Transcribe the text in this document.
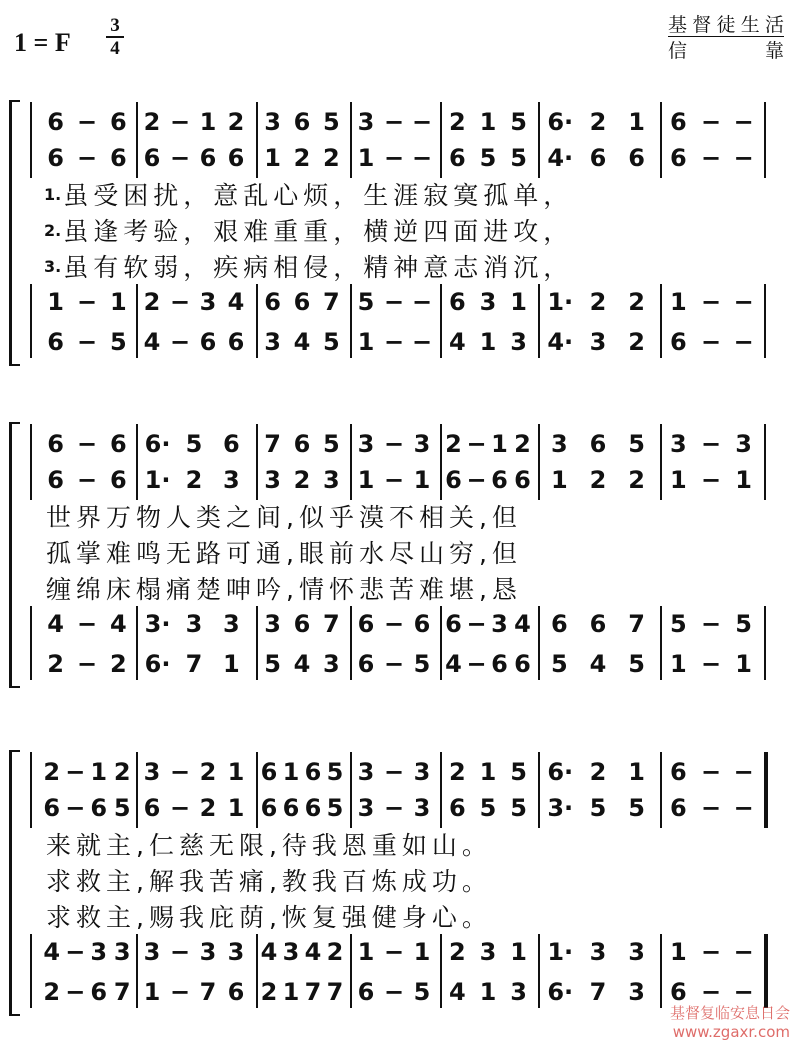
1 = F
3
4
基督徒生活
信靠
6 − 6 2 − 1 2 3 6 5 3 − − 2 1 5 6· 2 1 6 − −
6 − 6 6 − 6 6 1 2 2 1 − − 6 5 5 4· 6 6 6 − −
1 − 1 2 − 3 4 6 6 7 5 − − 6 3 1 1· 2 2 1 − −
6 − 5 4 − 6 6 3 4 5 1 − − 4 1 3 4· 3 2 6 − −
1. 虽受困扰，意乱心烦，生涯寂寞孤单，
2. 虽逢考验，艰难重重，横逆四面进攻，
3. 虽有软弱，疾病相侵，精神意志消沉，
6 − 6 6· 5 6 7 6 5 3 − 3 2 − 1 2 3 6 5 3 − 3
6 − 6 1· 2 3 3 2 3 1 − 1 6 − 6 6 1 2 2 1 − 1
4 − 4 3· 3 3 3 6 7 6 − 6 6 − 3 4 6 6 7 5 − 5
2 − 2 6· 7 1 5 4 3 6 − 5 4 − 6 6 5 4 5 1 − 1
世界万物人类之间,似乎漠不相关,但
孤掌难鸣无路可通,眼前水尽山穷,但
缠绵床榻痛楚呻吟,情怀悲苦难堪,恳
2 − 1 2 3 − 2 1 6 1 6 5 3 − 3 2 1 5 6· 2 1 6 − −
6 − 6 5 6 − 2 1 6 6 6 5 3 − 3 6 5 5 3· 5 5 6 − −
4 − 3 3 3 − 3 3 4 3 4 2 1 − 1 2 3 1 1· 3 3 1 − −
2 − 6 7 1 − 7 6 2 1 7 7 6 − 5 4 1 3 6· 7 3 6 − −
来就主,仁慈无限,待我恩重如山。
求救主,解我苦痛,教我百炼成功。
求救主,赐我庇荫,恢复强健身心。
基督复临安息日会
www.zgaxr.com
